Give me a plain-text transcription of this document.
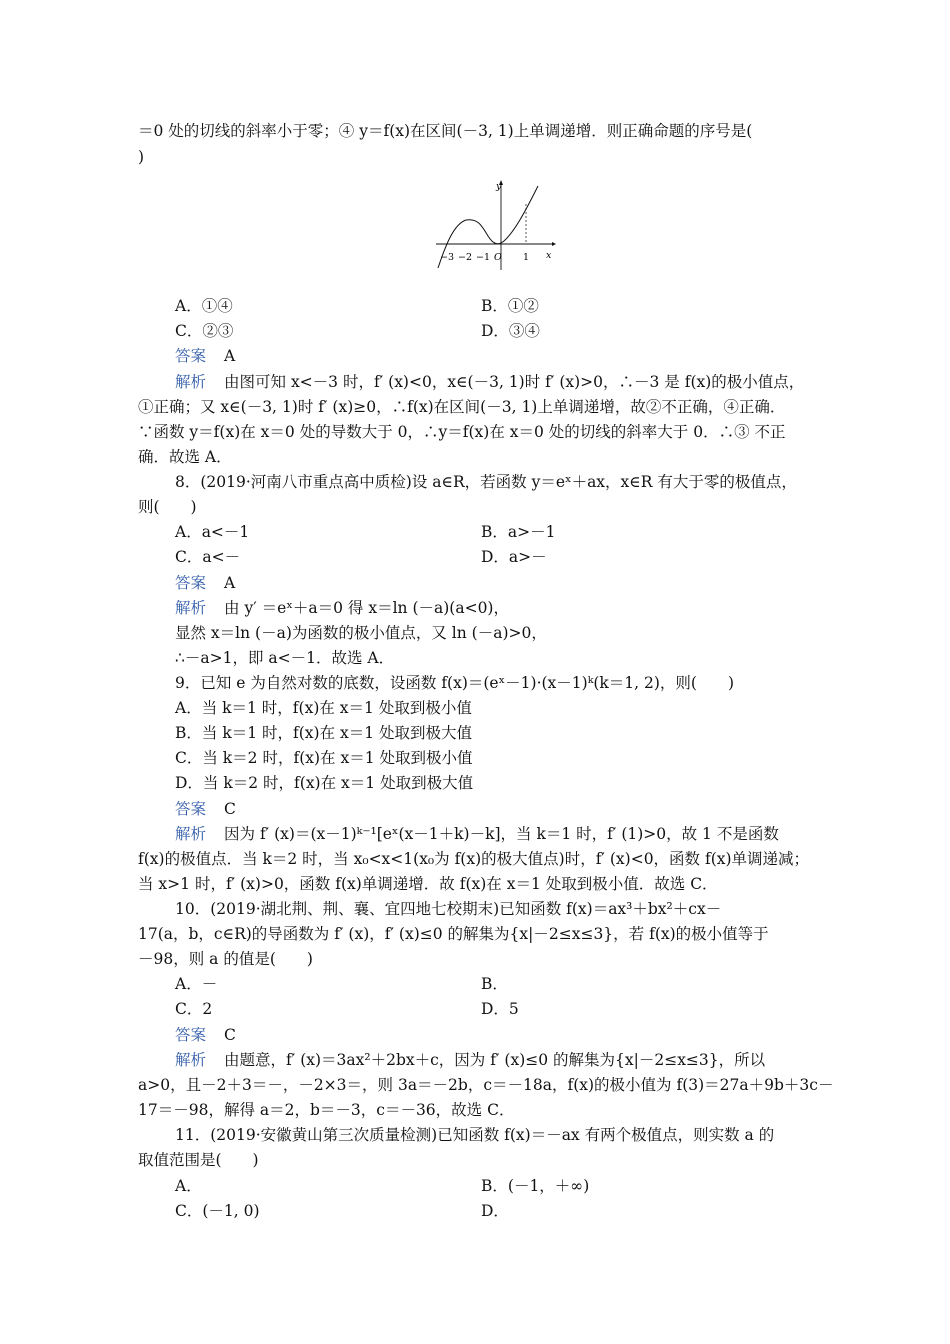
＝0 处的切线的斜率小于零；④ y＝f(x)在区间(－3, 1)上单调递增．则正确命题的序号是(
)
y
x
−3 −2 −1 O 1
A．①④	B．①②
C．②③	D．③④
答案 A
解析 由图可知 x<－3 时，f′ (x)<0，x∈(－3, 1)时 f′ (x)>0，∴－3 是 f(x)的极小值点，
①正确；又 x∈(－3, 1)时 f′ (x)≥0，∴f(x)在区间(－3, 1)上单调递增，故②不正确，④正确．
∵函数 y＝f(x)在 x＝0 处的导数大于 0，∴y＝f(x)在 x＝0 处的切线的斜率大于 0．∴③ 不正
确．故选 A．
8．(2019·河南八市重点高中质检)设 a∈R，若函数 y＝eˣ＋ax，x∈R 有大于零的极值点，
则(　　)
A．a<－1	B．a>－1
C．a<－	D．a>－
答案 A
解析 由 y′ ＝eˣ＋a＝0 得 x＝ln (－a)(a<0)，
显然 x＝ln (－a)为函数的极小值点，又 ln (－a)>0，
∴－a>1，即 a<－1．故选 A．
9．已知 e 为自然对数的底数，设函数 f(x)＝(eˣ－1)·(x－1)ᵏ(k＝1, 2)，则(　　)
A．当 k＝1 时，f(x)在 x＝1 处取到极小值
B．当 k＝1 时，f(x)在 x＝1 处取到极大值
C．当 k＝2 时，f(x)在 x＝1 处取到极小值
D．当 k＝2 时，f(x)在 x＝1 处取到极大值
答案 C
解析 因为 f′ (x)＝(x－1)ᵏ⁻¹[eˣ(x－1＋k)－k]，当 k＝1 时，f′ (1)>0，故 1 不是函数
f(x)的极值点．当 k＝2 时，当 x₀<x<1(x₀为 f(x)的极大值点)时，f′ (x)<0，函数 f(x)单调递减；
当 x>1 时，f′ (x)>0，函数 f(x)单调递增．故 f(x)在 x＝1 处取到极小值．故选 C．
10．(2019·湖北荆、荆、襄、宜四地七校期末)已知函数 f(x)＝ax³＋bx²＋cx－
17(a，b，c∈R)的导函数为 f′ (x)，f′ (x)≤0 的解集为{x|－2≤x≤3}，若 f(x)的极小值等于
－98，则 a 的值是(　　)
A．－	B．
C．2	D．5
答案 C
解析 由题意，f′ (x)＝3ax²＋2bx＋c，因为 f′ (x)≤0 的解集为{x|－2≤x≤3}，所以
a>0，且－2＋3＝－，－2×3＝，则 3a＝－2b，c＝－18a，f(x)的极小值为 f(3)＝27a＋9b＋3c－
17＝－98，解得 a＝2，b＝－3，c＝－36，故选 C．
11．(2019·安徽黄山第三次质量检测)已知函数 f(x)＝－ax 有两个极值点，则实数 a 的
取值范围是(　　)
A．	B．(－1，＋∞)
C．(－1, 0)	D．
